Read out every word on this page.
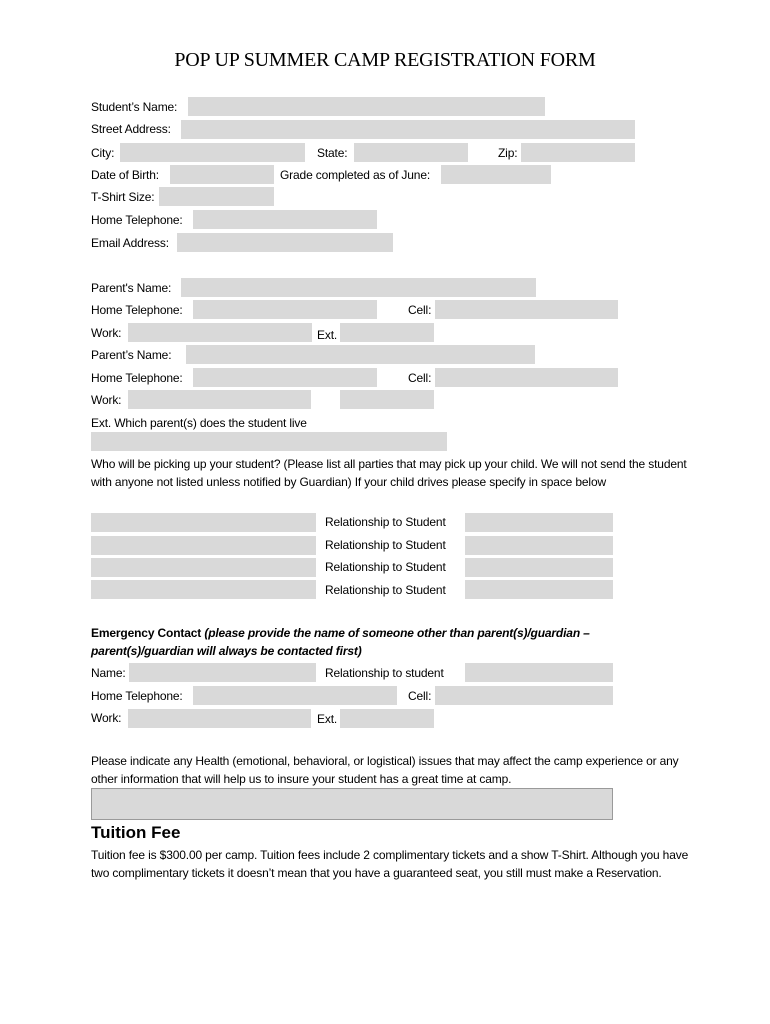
POP UP SUMMER CAMP REGISTRATION FORM
Student’s Name:
Street Address:
City:	State:	Zip:
Date of Birth:	Grade completed as of June:
T-Shirt Size:
Home Telephone:
Email Address:
Parent's Name:
Home Telephone:	Cell:
Work:	Ext.
Parent’s Name:
Home Telephone:	Cell:
Work:
Ext. Which parent(s) does the student live
Who will be picking up your student? (Please list all parties that may pick up your child. We will not send the student with anyone not listed unless notified by Guardian) If your child drives please specify in space below
Relationship to Student
Relationship to Student
Relationship to Student
Relationship to Student
Emergency Contact (please provide the name of someone other than parent(s)/guardian – parent(s)/guardian will always be contacted first)
Name:	Relationship to student
Home Telephone:	Cell:
Work:	Ext.
Please indicate any Health (emotional, behavioral, or logistical) issues that may affect the camp experience or any other information that will help us to insure your student has a great time at camp.
Tuition Fee
Tuition fee is $300.00 per camp. Tuition fees include 2 complimentary tickets and a show T-Shirt. Although you have two complimentary tickets it doesn’t mean that you have a guaranteed seat, you still must make a Reservation.
